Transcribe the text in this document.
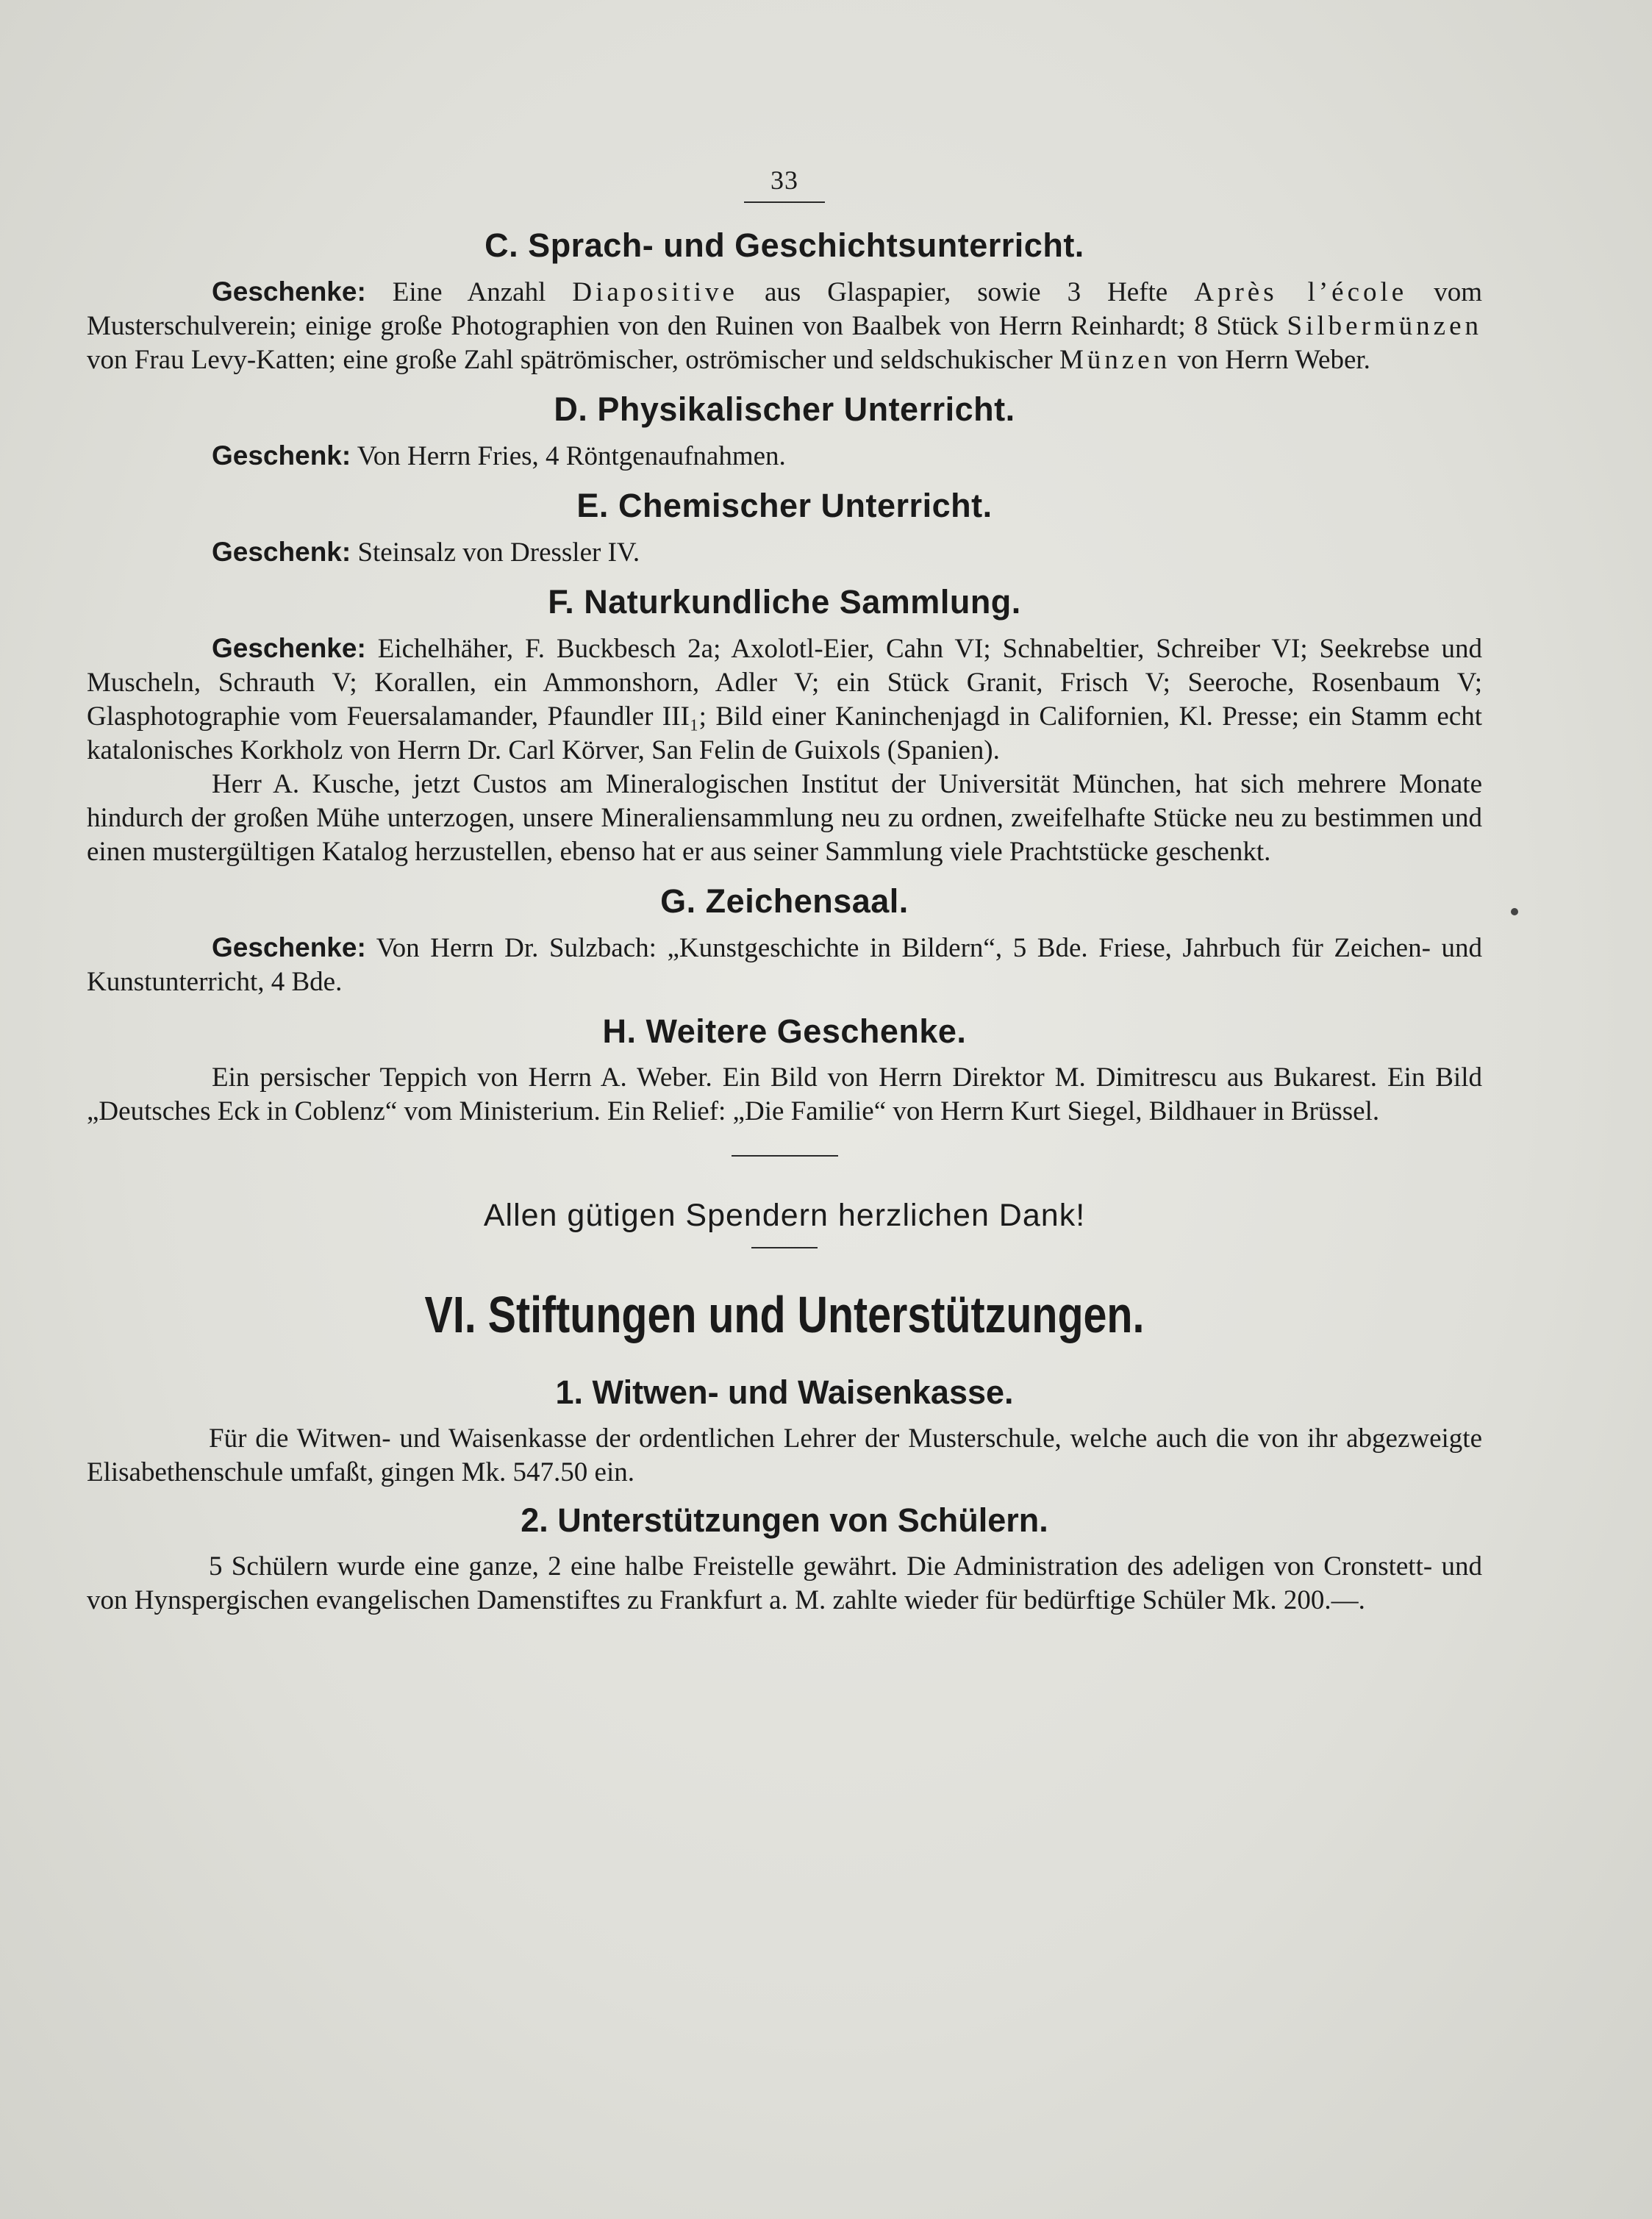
33
C. Sprach- und Geschichtsunterricht.

Geschenke: Eine Anzahl Diapositive aus Glaspapier, sowie 3 Hefte Après l’école vom Musterschulverein; einige große Photographien von den Ruinen von Baalbek von Herrn Reinhardt; 8 Stück Silbermünzen von Frau Levy-Katten; eine große Zahl spätrömischer, oströmischer und seldschukischer Münzen von Herrn Weber.

D. Physikalischer Unterricht.

Geschenk: Von Herrn Fries, 4 Röntgenaufnahmen.

E. Chemischer Unterricht.

Geschenk: Steinsalz von Dressler IV.

F. Naturkundliche Sammlung.

Geschenke: Eichelhäher, F. Buckbesch 2a; Axolotl-Eier, Cahn VI; Schnabeltier, Schreiber VI; Seekrebse und Muscheln, Schrauth V; Korallen, ein Ammonshorn, Adler V; ein Stück Granit, Frisch V; Seeroche, Rosenbaum V; Glasphotographie vom Feuersalamander, Pfaundler III₁; Bild einer Kaninchenjagd in Californien, Kl. Presse; ein Stamm echt katalonisches Korkholz von Herrn Dr. Carl Körver, San Felin de Guixols (Spanien).

Herr A. Kusche, jetzt Custos am Mineralogischen Institut der Universität München, hat sich mehrere Monate hindurch der großen Mühe unterzogen, unsere Mineraliensammlung neu zu ordnen, zweifelhafte Stücke neu zu bestimmen und einen mustergültigen Katalog herzustellen, ebenso hat er aus seiner Sammlung viele Prachtstücke geschenkt.

G. Zeichensaal.

Geschenke: Von Herrn Dr. Sulzbach: „Kunstgeschichte in Bildern“, 5 Bde. Friese, Jahrbuch für Zeichen- und Kunstunterricht, 4 Bde.

H. Weitere Geschenke.

Ein persischer Teppich von Herrn A. Weber. Ein Bild von Herrn Direktor M. Dimitrescu aus Bukarest. Ein Bild „Deutsches Eck in Coblenz“ vom Ministerium. Ein Relief: „Die Familie“ von Herrn Kurt Siegel, Bildhauer in Brüssel.

Allen gütigen Spendern herzlichen Dank!
VI. Stiftungen und Unterstützungen.
1. Witwen- und Waisenkasse.

Für die Witwen- und Waisenkasse der ordentlichen Lehrer der Musterschule, welche auch die von ihr abgezweigte Elisabethenschule umfaßt, gingen Mk. 547.50 ein.

2. Unterstützungen von Schülern.

5 Schülern wurde eine ganze, 2 eine halbe Freistelle gewährt. Die Administration des adeligen von Cronstett- und von Hynspergischen evangelischen Damenstiftes zu Frankfurt a. M. zahlte wieder für bedürftige Schüler Mk. 200.—.
